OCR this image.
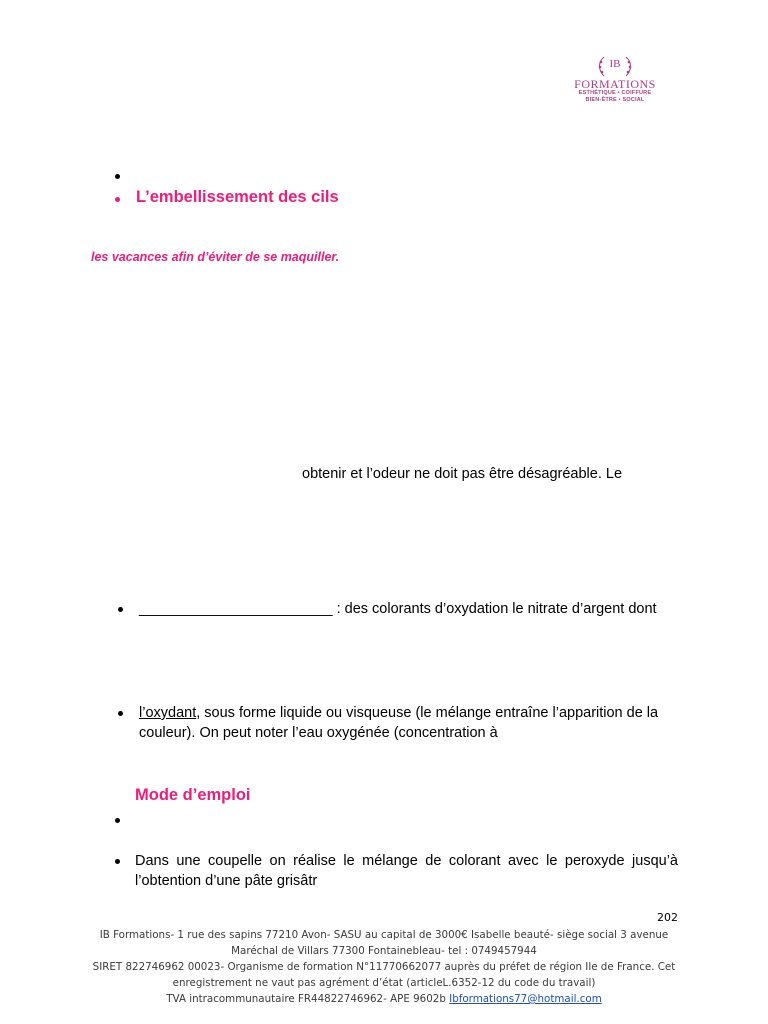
IB
FORMATIONS
ESTHÉTIQUE • COIFFURE
BIEN-ÊTRE • SOCIAL
L’embellissement des cils
les vacances afin d’éviter de se maquiller.
obtenir et l’odeur ne doit pas être désagréable. Le
________________________ : des colorants d’oxydation le nitrate d’argent dont
l’oxydant, sous forme liquide ou visqueuse (le mélange entraîne l’apparition de la
couleur). On peut noter l’eau oxygénée (concentration à
Mode d’emploi
Dans une coupelle on réalise le mélange de colorant avec le peroxyde jusqu’à
l’obtention d’une pâte grisâtr
202
IB Formations- 1 rue des sapins 77210 Avon- SASU au capital de 3000€ Isabelle beauté- siège social 3 avenue
Maréchal de Villars 77300 Fontainebleau- tel : 0749457944
SIRET 822746962 00023- Organisme de formation N°11770662077 auprès du préfet de région Ile de France. Cet
enregistrement ne vaut pas agrément d’état (articleL.6352-12 du code du travail)
TVA intracommunautaire FR44822746962- APE 9602b Ibformations77@hotmail.com
